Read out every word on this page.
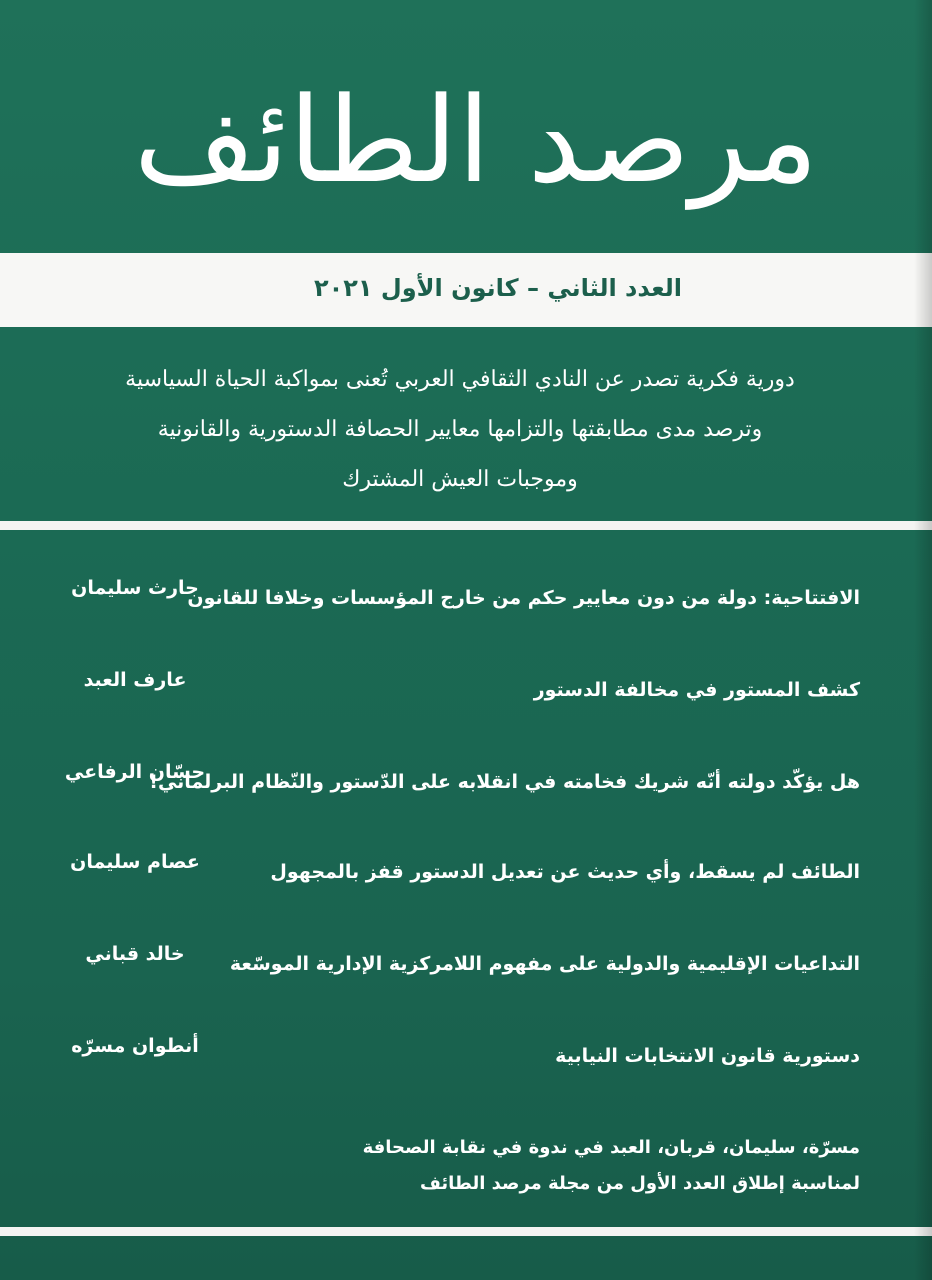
مرصد الطائف
العدد الثاني – كانون الأول ٢٠٢١
دورية فكرية تصدر عن النادي الثقافي العربي تُعنى بمواكبة الحياة السياسية
وترصد مدى مطابقتها والتزامها معايير الحصافة الدستورية والقانونية
وموجبات العيش المشترك
الافتتاحية: دولة من دون معايير حكم من خارج المؤسسات وخلافا للقانون
حارث سليمان
كشف المستور في مخالفة الدستور
عارف العبد
هل يؤكّد دولته أنّه شريك فخامته في انقلابه على الدّستور والنّظام البرلماني!
حسّان الرفاعي
الطائف لم يسقط، وأي حديث عن تعديل الدستور قفز بالمجهول
عصام سليمان
التداعيات الإقليمية والدولية على مفهوم اللامركزية الإدارية الموسّعة
خالد قباني
دستورية قانون الانتخابات النيابية
أنطوان مسرّه
مسرّة، سليمان، قربان، العبد في ندوة في نقابة الصحافة
لمناسبة إطلاق العدد الأول من مجلة مرصد الطائف
